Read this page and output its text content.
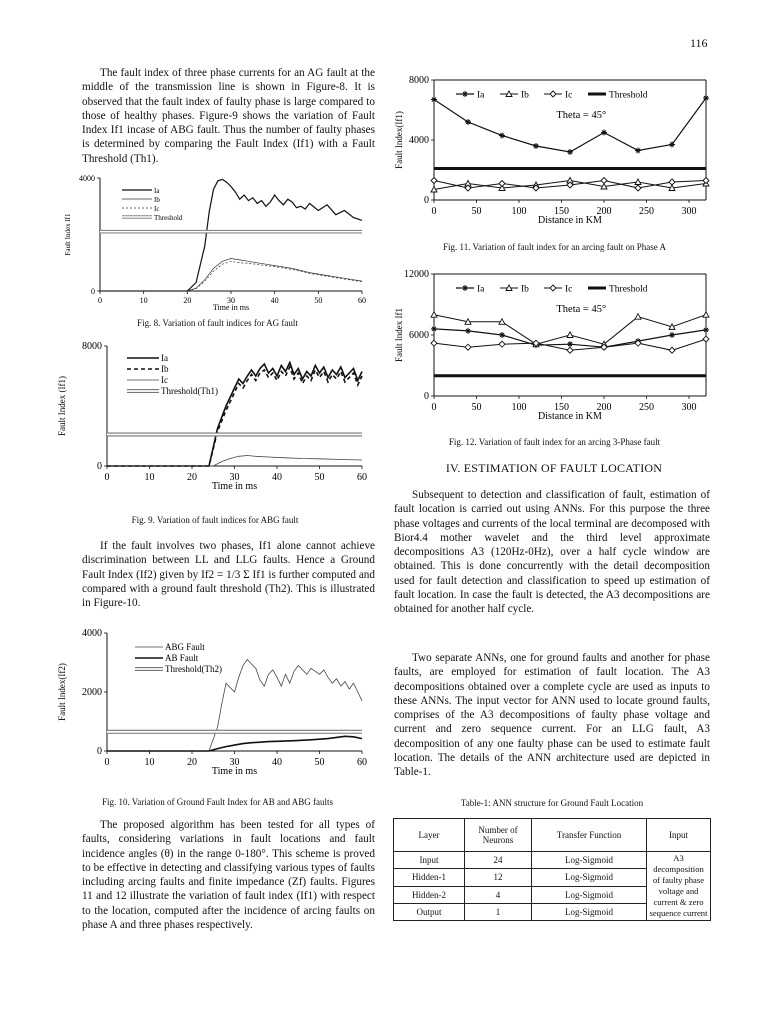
116

The fault index of three phase currents for an AG fault at the middle of the transmission line is shown in Figure-8. It is observed that the fault index of faulty phase is large compared to those of healthy phases. Figure-9 shows the variation of Fault Index If1 incase of ABG fault. Thus the number of faulty phases is determined by comparing the Fault Index (If1) with a Fault Threshold (Th1).

0	10	20	30	40	50	60
0
4000
Time in ms
Fault Index If1
Ia
Ib
Ic
Threshold
Fig. 8. Variation of fault indices for AG fault
0	10	20	30	40	50	60
0
8000
Time in ms
Fault Index (If1)
Ia
Ib
Ic
Threshold(Th1)
Fig. 9. Variation of fault indices for ABG fault

If the fault involves two phases, If1 alone cannot achieve discrimination between LL and LLG faults. Hence a Ground Fault Index (If2) given by If2 = 1/3 Σ If1 is further computed and compared with a ground fault threshold (Th2). This is illustrated in Figure-10.

0	10	20	30	40	50	60
0
2000
4000
Time in ms
Fault Index(If2)
ABG Fault
AB Fault
Threshold(Th2)
Fig. 10. Variation of Ground Fault Index for AB and ABG faults

The proposed algorithm has been tested for all types of faults, considering variations in fault locations and fault incidence angles (θ) in the range 0-180°. This scheme is proved to be effective in detecting and classifying various types of faults including arcing faults and finite impedance (Zf) faults. Figures 11 and 12 illustrate the variation of fault index (If1) with respect to the location, computed after the incidence of arcing faults on phase A and three phases respectively.

0	50	100	150	200	250	300
0
4000
8000
Distance in KM
Fault Index(If1)
Ia	Ib	Ic	Threshold
Theta = 45°
Fig. 11. Variation of fault index for an arcing fault on Phase A
0	50	100	150	200	250	300
0
6000
12000
Distance in KM
Fault Index If1
Ia	Ib	Ic	Threshold
Theta = 45°
Fig. 12. Variation of fault index for an arcing 3-Phase fault
IV. ESTIMATION OF FAULT LOCATION

Subsequent to detection and classification of fault, estimation of fault location is carried out using ANNs. For this purpose the three phase voltages and currents of the local terminal are decomposed with Bior4.4 mother wavelet and the third level approximate decompositions A3 (120Hz-0Hz), over a half cycle window are obtained. This is done concurrently with the detail decomposition used for fault detection and classification to speed up estimation of fault location. In case the fault is detected, the A3 decompositions are obtained for another half cycle.

Two separate ANNs, one for ground faults and another for phase faults, are employed for estimation of fault location. The A3 decompositions obtained over a complete cycle are used as inputs to these ANNs. The input vector for ANN used to locate ground faults, comprises of the A3 decompositions of faulty phase voltage and current and zero sequence current. For an LLG fault, A3 decomposition of any one faulty phase can be used to estimate fault location. The details of the ANN architecture used are depicted in Table-1.

Table-1: ANN structure for Ground Fault Location
Layer	Number of Neurons	Transfer Function	Input
Input	24	Log-Sigmoid	A3 decomposition of faulty phase voltage and current & zero sequence current
Hidden-1	12	Log-Sigmoid	
Hidden-2	4	Log-Sigmoid	
Output	1	Log-Sigmoid	
